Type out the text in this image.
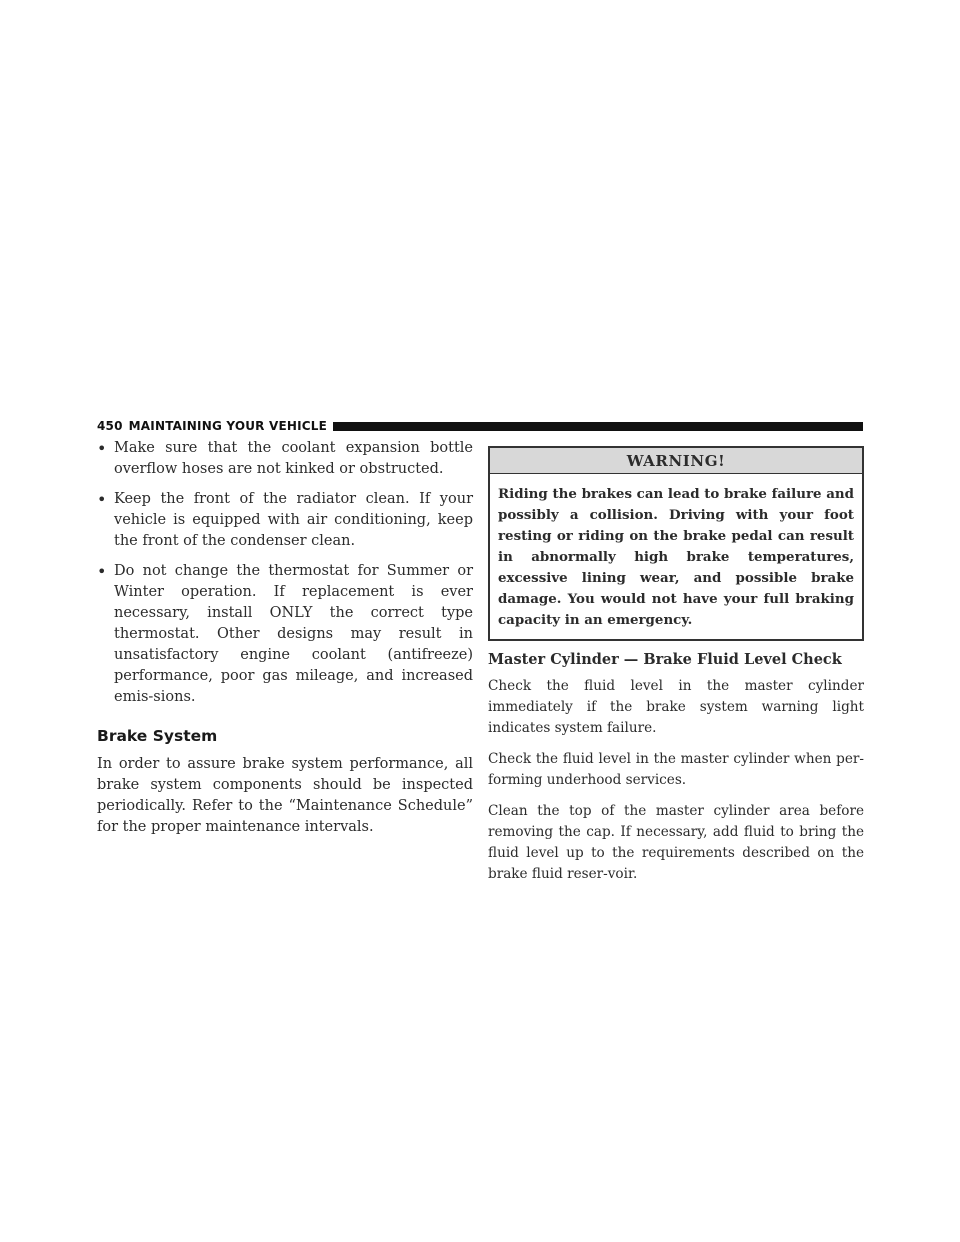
450 MAINTAINING YOUR VEHICLE
• Make sure that the coolant expansion bottle overflow hoses are not kinked or obstructed.
• Keep the front of the radiator clean. If your vehicle is equipped with air conditioning, keep the front of the condenser clean.
• Do not change the thermostat for Summer or Winter operation. If replacement is ever necessary, install ONLY the correct type thermostat. Other designs may result in unsatisfactory engine coolant (antifreeze) performance, poor gas mileage, and increased emis-sions.
Brake System

In order to assure brake system performance, all brake system components should be inspected periodically. Refer to the “Maintenance Schedule” for the proper maintenance intervals.

WARNING!
Riding the brakes can lead to brake failure and possibly a collision. Driving with your foot resting or riding on the brake pedal can result in abnormally high brake temperatures, excessive lining wear, and possible brake damage. You would not have your full braking capacity in an emergency.
Master Cylinder — Brake Fluid Level Check

Check the fluid level in the master cylinder immediately if the brake system warning light indicates system failure.

Check the fluid level in the master cylinder when per-forming underhood services.

Clean the top of the master cylinder area before removing the cap. If necessary, add fluid to bring the fluid level up to the requirements described on the brake fluid reser-voir.
